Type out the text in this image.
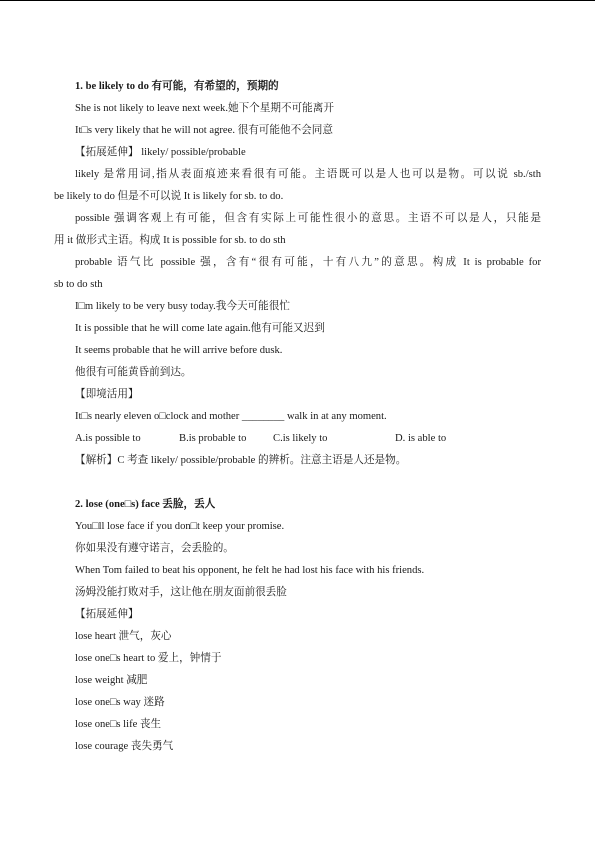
1. be likely to do 有可能，有希望的，预期的
She is not likely to leave next week.她下个星期不可能离开
It□s very likely that he will not agree. 很有可能他不会同意
【拓展延伸】 likely/ possible/probable
likely 是常用词,指从表面痕迹来看很有可能。主语既可以是人也可以是物。可以说 sb./sth
be likely to do 但是不可以说 It is likely for sb. to do.
possible 强调客观上有可能，但含有实际上可能性很小的意思。主语不可以是人，只能是
用 it 做形式主语。构成 It is possible for sb. to do sth
probable 语气比 possible 强，含有“很有可能，十有八九”的意思。构成 It is probable for
sb to do sth
I□m likely to be very busy today.我今天可能很忙
It is possible that he will come late again.他有可能又迟到
It seems probable that he will arrive before dusk.
他很有可能黄昏前到达。
【即境活用】
It□s nearly eleven o□clock and mother ________ walk in at any moment.
A.is possible to	B.is probable to	C.is likely to	D. is able to
【解析】C 考查 likely/ possible/probable 的辨析。注意主语是人还是物。
2. lose (one□s) face 丢脸，丢人
You□ll lose face if you don□t keep your promise.
你如果没有遵守诺言，会丢脸的。
When Tom failed to beat his opponent, he felt he had lost his face with his friends.
汤姆没能打败对手，这让他在朋友面前很丢脸
【拓展延伸】
lose heart 泄气，灰心
lose one□s heart to 爱上，钟情于
lose weight 减肥
lose one□s way 迷路
lose one□s life 丧生
lose courage 丧失勇气
